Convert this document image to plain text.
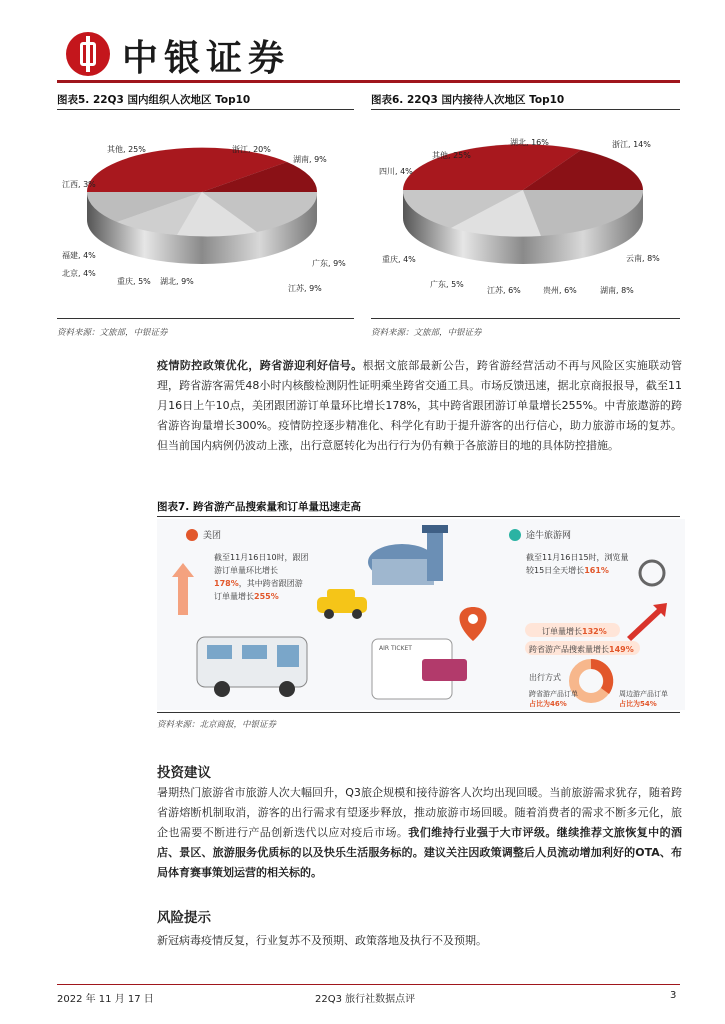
中银证券
图表5. 22Q3 国内组织人次地区 Top10
其他, 25%	浙江, 20%
湖南, 9%
江西, 3%
福建, 4%
北京, 4%
重庆, 5% 湖北, 9%
广东, 9%
江苏, 9%
资料来源：文旅部，中银证券
图表6. 22Q3 国内接待人次地区 Top10
湖北, 16%	浙江, 14%
其他, 25%
四川, 4%
重庆, 4%
广东, 5%
江苏, 6%	贵州, 6%	湖南, 8%
云南, 8%
资料来源：文旅部，中银证券
疫情防控政策优化，跨省游迎利好信号。根据文旅部最新公告，跨省游经营活动不再与风险区实施联动管理，跨省游客需凭48小时内核酸检测阴性证明乘坐跨省交通工具。市场反馈迅速，据北京商报报导，截至11月16日上午10点，美团跟团游订单量环比增长178%，其中跨省跟团游订单量增长255%。中青旅遨游的跨省游咨询量增长300%。疫情防控逐步精准化、科学化有助于提升游客的出行信心，助力旅游市场的复苏。但当前国内病例仍波动上涨，出行意愿转化为出行行为仍有赖于各旅游目的地的具体防控措施。
图表7. 跨省游产品搜索量和订单量迅速走高
美团
截至11月16日10时，跟团游订单量环比增长178%，其中跨省跟团游订单量增长255%
途牛旅游网
截至11月16日15时，浏览量较15日全天增长161%
订单量增长132%
跨省游产品搜索量增长149%
出行方式
跨省游产品订单
占比为46%
周边游产品订单
占比为54%
AIR TICKET
资料来源：北京商报，中银证券
投资建议
暑期热门旅游省市旅游人次大幅回升，Q3旅企规模和接待游客人次均出现回暖。当前旅游需求犹存，随着跨省游熔断机制取消，游客的出行需求有望逐步释放，推动旅游市场回暖。随着消费者的需求不断多元化，旅企也需要不断进行产品创新迭代以应对疫后市场。我们维持行业强于大市评级。继续推荐文旅恢复中的酒店、景区、旅游服务优质标的以及快乐生活服务标的。建议关注因政策调整后人员流动增加利好的OTA、布局体育赛事策划运营的相关标的。
风险提示
新冠病毒疫情反复，行业复苏不及预期、政策落地及执行不及预期。
2022 年 11 月 17 日	22Q3 旅行社数据点评	3
